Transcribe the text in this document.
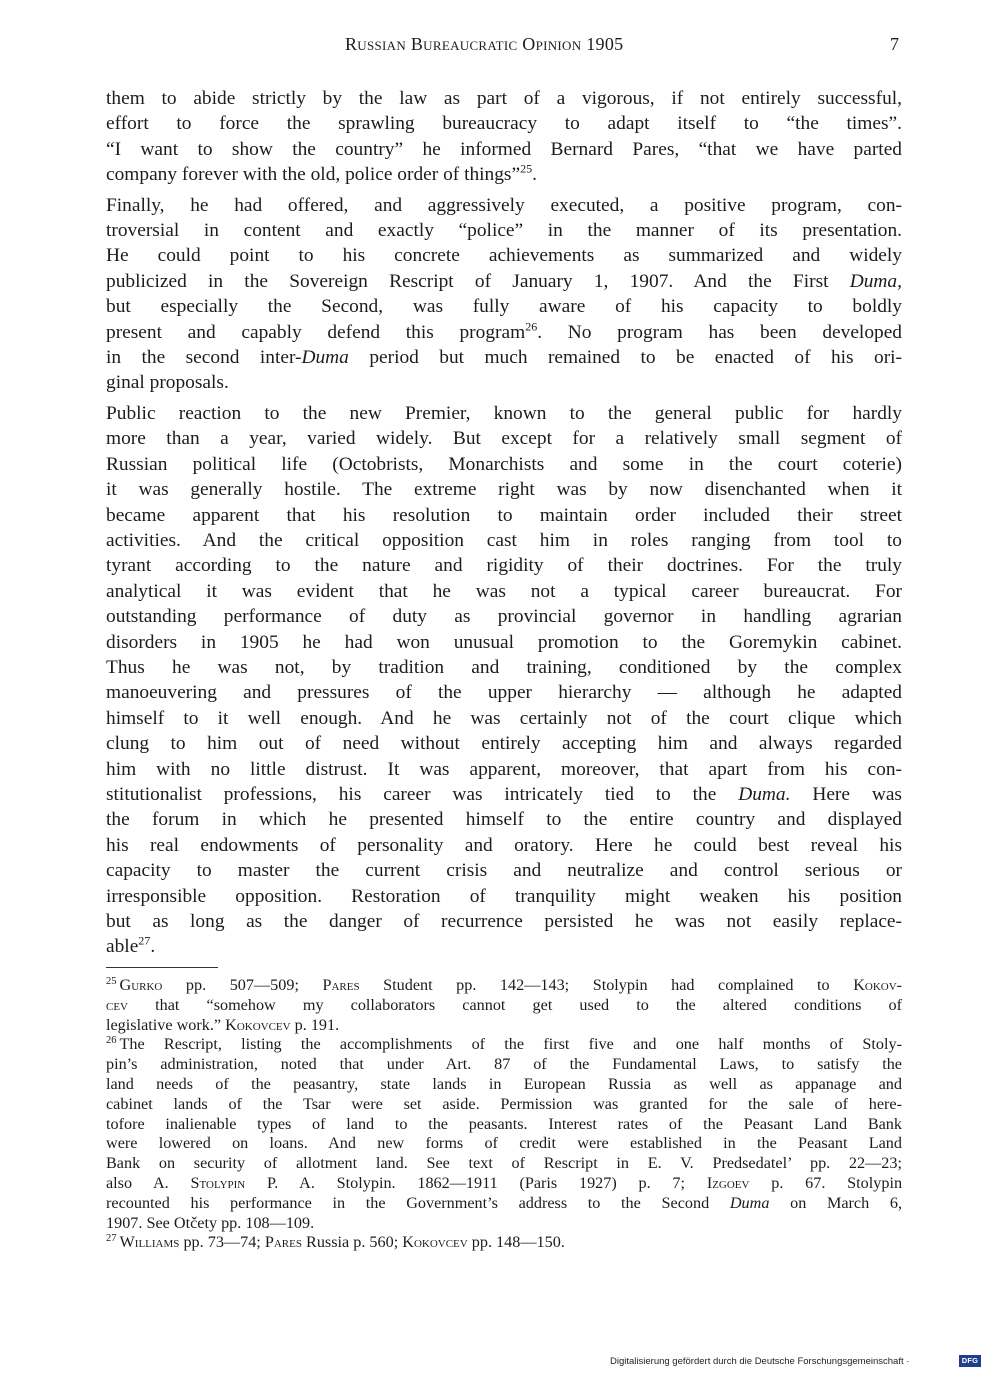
Russian Bureaucratic Opinion 1905	7

them to abide strictly by the law as part of a vigorous, if not entirely successful,
effort to force the sprawling bureaucracy to adapt itself to “the times”.
“I want to show the country” he informed Bernard Pares, “that we have parted
company forever with the old, police order of things”$^{25}$.

Finally, he had offered, and aggressively executed, a positive program, con-
troversial in content and exactly “police” in the manner of its presentation.
He could point to his concrete achievements as summarized and widely
publicized in the Sovereign Rescript of January 1, 1907. And the First Duma,
but especially the Second, was fully aware of his capacity to boldly
present and capably defend this program$^{26}$. No program has been developed
in the second inter-Duma period but much remained to be enacted of his ori-
ginal proposals.

Public reaction to the new Premier, known to the general public for hardly
more than a year, varied widely. But except for a relatively small segment of
Russian political life (Octobrists, Monarchists and some in the court coterie)
it was generally hostile. The extreme right was by now disenchanted when it
became apparent that his resolution to maintain order included their street
activities. And the critical opposition cast him in roles ranging from tool to
tyrant according to the nature and rigidity of their doctrines. For the truly
analytical it was evident that he was not a typical career bureaucrat. For
outstanding performance of duty as provincial governor in handling agrarian
disorders in 1905 he had won unusual promotion to the Goremykin cabinet.
Thus he was not, by tradition and training, conditioned by the complex
manoeuvering and pressures of the upper hierarchy — although he adapted
himself to it well enough. And he was certainly not of the court clique which
clung to him out of need without entirely accepting him and always regarded
him with no little distrust. It was apparent, moreover, that apart from his con-
stitutionalist professions, his career was intricately tied to the Duma. Here was
the forum in which he presented himself to the entire country and displayed
his real endowments of personality and oratory. Here he could best reveal his
capacity to master the current crisis and neutralize and control serious or
irresponsible opposition. Restoration of tranquility might weaken his position
but as long as the danger of recurrence persisted he was not easily replace-
able$^{27}$.

$^{25}$ Gurko pp. 507—509; Pares Student pp. 142—143; Stolypin had complained to Kokov-
cev that “somehow my collaborators cannot get used to the altered conditions of
legislative work.” Kokovcev p. 191.
$^{26}$ The Rescript, listing the accomplishments of the first five and one half months of Stoly-
pin’s administration, noted that under Art. 87 of the Fundamental Laws, to satisfy the
land needs of the peasantry, state lands in European Russia as well as appanage and
cabinet lands of the Tsar were set aside. Permission was granted for the sale of here-
tofore inalienable types of land to the peasants. Interest rates of the Peasant Land Bank
were lowered on loans. And new forms of credit were established in the Peasant Land
Bank on security of allotment land. See text of Rescript in E. V. Predsedatel’ pp. 22—23;
also A. Stolypin P. A. Stolypin. 1862—1911 (Paris 1927) p. 7; Izgoev p. 67. Stolypin
recounted his performance in the Government’s address to the Second Duma on March 6,
1907. See Otčety pp. 108—109.
$^{27}$ Williams pp. 73—74; Pares Russia p. 560; Kokovcev pp. 148—150.
Digitalisierung gefördert durch die Deutsche Forschungsgemeinschaft ·	DFG
